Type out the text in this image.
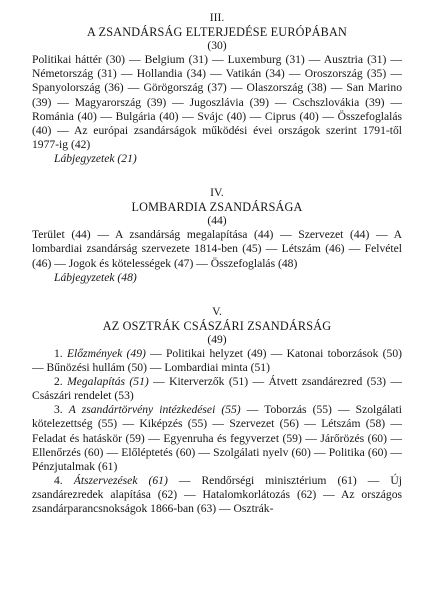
III.
A ZSANDÁRSÁG ELTERJEDÉSE EURÓPÁBAN
(30)

Politikai háttér (30) — Belgium (31) — Luxemburg (31) — Ausztria (31) — Németország (31) — Hollandia (34) — Vatikán (34) — Oroszország (35) — Spanyolország (36) — Görögország (37) — Olaszország (38) — San Marino (39) — Magyarország (39) — Jugoszlávia (39) — Cschszlovákia (39) — Románia (40) — Bulgária (40) — Svájc (40) — Ciprus (40) — Összefoglalás (40) — Az európai zsandárságok működési évei országok szerint 1791-től 1977-ig (42)

Lábjegyzetek (21)
IV.
LOMBARDIA ZSANDÁRSÁGA
(44)

Terület (44) — A zsandárság megalapítása (44) — Szervezet (44) — A lombardiai zsandárság szervezete 1814-ben (45) — Létszám (46) — Felvétel (46) — Jogok és kötelességek (47) — Összefoglalás (48)

Lábjegyzetek (48)
V.
AZ OSZTRÁK CSÁSZÁRI ZSANDÁRSÁG
(49)

1. Előzmények (49) — Politikai helyzet (49) — Katonai toborzások (50) — Bűnözési hullám (50) — Lombardiai minta (51)

2. Megalapítás (51) — Kiterverzők (51) — Átvett zsandárezred (53) — Császári rendelet (53)

3. A zsandártörvény intézkedései (55) — Toborzás (55) — Szolgálati kötelezettség (55) — Kiképzés (55) — Szervezet (56) — Létszám (58) — Feladat és hatáskör (59) — Egyenruha és fegyverzet (59) — Járőrözés (60) — Ellenőrzés (60) — Előléptetés (60) — Szolgálati nyelv (60) — Politika (60) — Pénzjutalmak (61)

4. Átszervezések (61) — Rendőrségi minisztérium (61) — Új zsandárezredek alapítása (62) — Hatalomkorlátozás (62) — Az országos zsandárparancsnokságok 1866-ban (63) — Osztrák-
